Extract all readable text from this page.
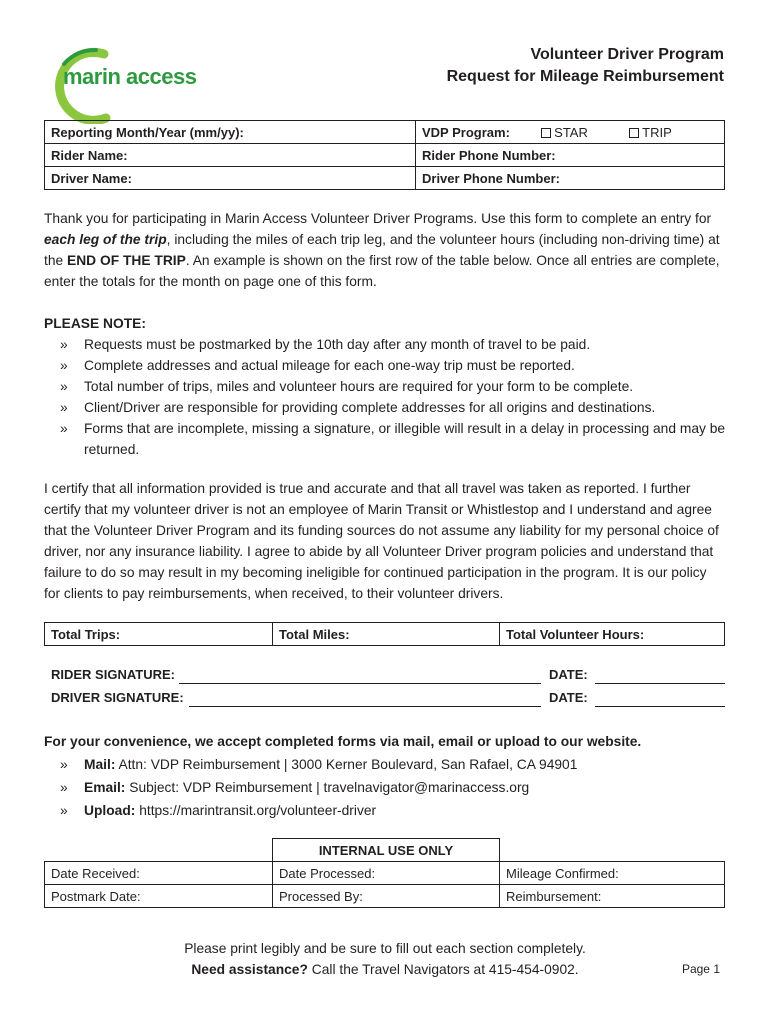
marin access
Volunteer Driver Program
Request for Mileage Reimbursement
Reporting Month/Year (mm/yy):	VDP Program: STAR TRIP
Rider Name:	Rider Phone Number:
Driver Name:	Driver Phone Number:
Thank you for participating in Marin Access Volunteer Driver Programs. Use this form to complete an entry for each leg of the trip, including the miles of each trip leg, and the volunteer hours (including non-driving time) at the END OF THE TRIP. An example is shown on the first row of the table below. Once all entries are complete, enter the totals for the month on page one of this form.
PLEASE NOTE:
» Requests must be postmarked by the 10th day after any month of travel to be paid.
» Complete addresses and actual mileage for each one-way trip must be reported.
» Total number of trips, miles and volunteer hours are required for your form to be complete.
» Client/Driver are responsible for providing complete addresses for all origins and destinations.
» Forms that are incomplete, missing a signature, or illegible will result in a delay in processing and may be returned.
I certify that all information provided is true and accurate and that all travel was taken as reported. I further certify that my volunteer driver is not an employee of Marin Transit or Whistlestop and I understand and agree that the Volunteer Driver Program and its funding sources do not assume any liability for my personal choice of driver, nor any insurance liability. I agree to abide by all Volunteer Driver program policies and understand that failure to do so may result in my becoming ineligible for continued participation in the program. It is our policy for clients to pay reimbursements, when received, to their volunteer drivers.
Total Trips:	Total Miles:	Total Volunteer Hours:
RIDER SIGNATURE:	DATE:
DRIVER SIGNATURE:	DATE:
For your convenience, we accept completed forms via mail, email or upload to our website.
» Mail: Attn: VDP Reimbursement | 3000 Kerner Boulevard, San Rafael, CA 94901
» Email: Subject: VDP Reimbursement | travelnavigator@marinaccess.org
» Upload: https://marintransit.org/volunteer-driver
	INTERNAL USE ONLY	
Date Received:	Date Processed:	Mileage Confirmed:
Postmark Date:	Processed By:	Reimbursement:
Please print legibly and be sure to fill out each section completely.
Need assistance? Call the Travel Navigators at 415-454-0902.	Page 1
